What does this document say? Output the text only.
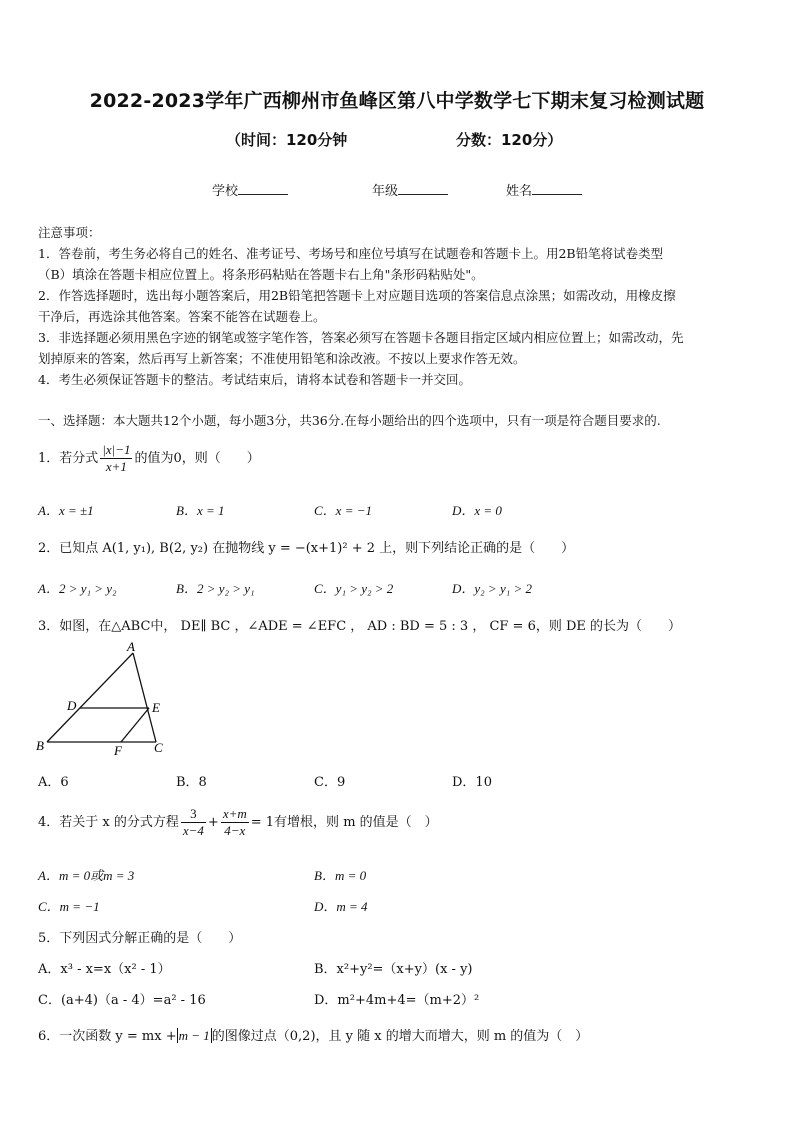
2022-2023学年广西柳州市鱼峰区第八中学数学七下期末复习检测试题
（时间：120分钟	分数：120分）
学校	年级	姓名
注意事项：
1．答卷前，考生务必将自己的姓名、准考证号、考场号和座位号填写在试题卷和答题卡上。用2B铅笔将试卷类型
（B）填涂在答题卡相应位置上。将条形码粘贴在答题卡右上角"条形码粘贴处"。
2．作答选择题时，选出每小题答案后，用2B铅笔把答题卡上对应题目选项的答案信息点涂黑；如需改动，用橡皮擦
干净后，再选涂其他答案。答案不能答在试题卷上。
3．非选择题必须用黑色字迹的钢笔或签字笔作答，答案必须写在答题卡各题目指定区域内相应位置上；如需改动，先
划掉原来的答案，然后再写上新答案；不准使用铅笔和涂改液。不按以上要求作答无效。
4．考生必须保证答题卡的整洁。考试结束后，请将本试卷和答题卡一并交回。
一、选择题：本大题共12个小题，每小题3分，共36分.在每小题给出的四个选项中，只有一项是符合题目要求的.
1．若分式 $\frac{|x|-1}{x+1}$ 的值为0，则（　　）
A．x = ±1	B．x = 1	C．x = −1	D．x = 0
2．已知点 A(1, y₁), B(2, y₂) 在抛物线 y = −(x+1)² + 2 上，则下列结论正确的是（　　）
A．2 > y₁ > y₂	B．2 > y₂ > y₁	C．y₁ > y₂ > 2	D．y₂ > y₁ > 2
3．如图，在△ABC中， DE∥ BC ，∠ADE = ∠EFC ， AD : BD = 5 : 3 ， CF = 6，则 DE 的长为（　　）
A
D	E
B	F C
A．6	B．8	C．9	D．10
4．若关于 x 的分式方程 $\frac{3}{x-4} + \frac{x+m}{4-x} = 1$有增根，则 m 的值是（　）
A．m = 0或m = 3	B．m = 0
C．m = −1	D．m = 4
5．下列因式分解正确的是（　　）
A．x³ - x=x（x² - 1）	B．x²+y²=（x+y）(x - y)
C．(a+4)（a - 4）=a² - 16	D．m²+4m+4=（m+2）²
6．一次函数 y = mx + m − 1 的图像过点（0,2)，且 y 随 x 的增大而增大，则 m 的值为（　）
